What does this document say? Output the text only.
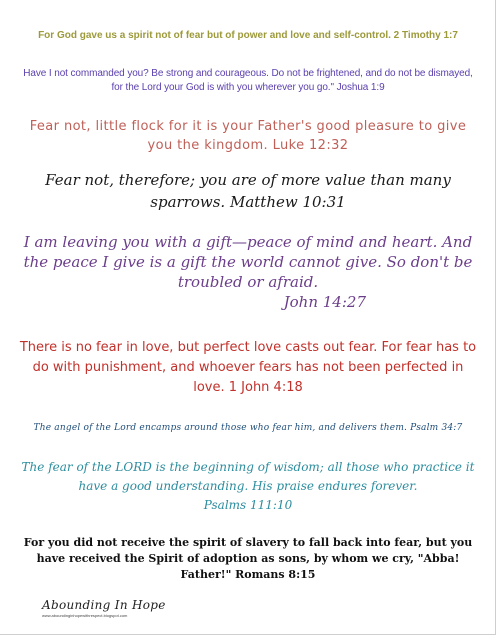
For God gave us a spirit not of fear but of power and love and self-control. 2 Timothy 1:7

Have I not commanded you? Be strong and courageous. Do not be frightened, and do not be dismayed, for the Lord your God is with you wherever you go." Joshua 1:9

Fear not, little flock for it is your Father's good pleasure to give you the kingdom. Luke 12:32

Fear not, therefore; you are of more value than many sparrows. Matthew 10:31

I am leaving you with a gift—peace of mind and heart. And the peace I give is a gift the world cannot give. So don't be troubled or afraid.
John 14:27

There is no fear in love, but perfect love casts out fear. For fear has to do with punishment, and whoever fears has not been perfected in love. 1 John 4:18

The angel of the Lord encamps around those who fear him, and delivers them. Psalm 34:7

The fear of the LORD is the beginning of wisdom; all those who practice it have a good understanding. His praise endures forever.
Psalms 111:10

For you did not receive the spirit of slavery to fall back into fear, but you have received the Spirit of adoption as sons, by whom we cry, "Abba! Father!" Romans 8:15

Abounding In Hope
www.aboundinginhopewithrespect.blogspot.com
